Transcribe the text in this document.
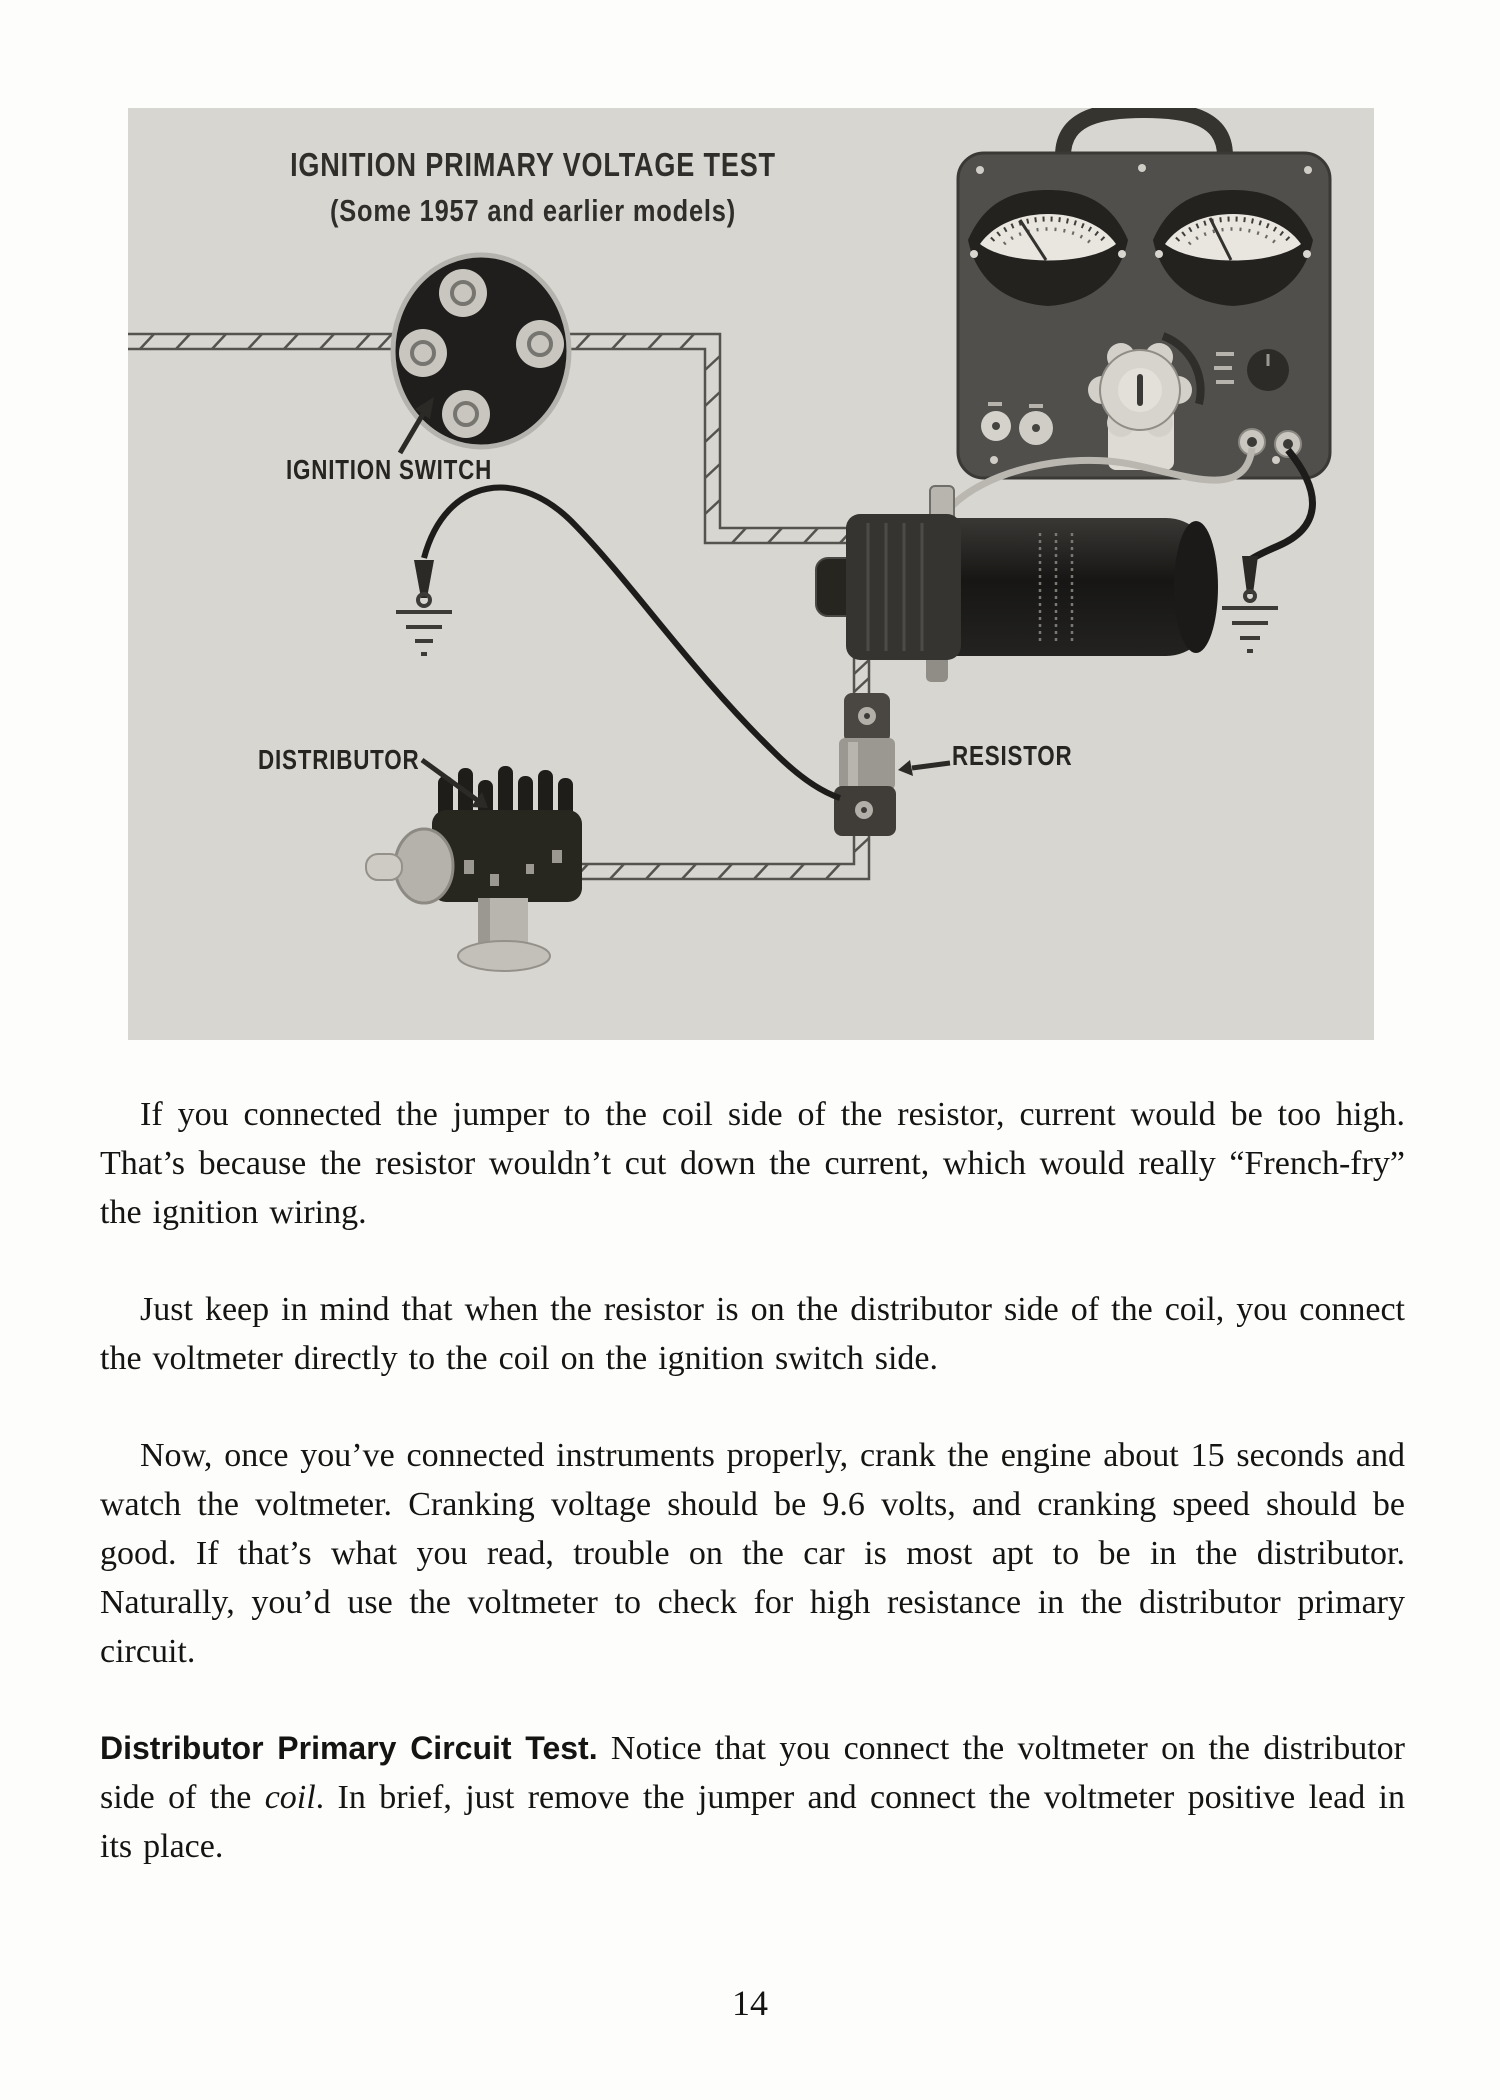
IGNITION PRIMARY VOLTAGE TEST
(Some 1957 and earlier models)
IGNITION SWITCH
DISTRIBUTOR	RESISTOR

If you connected the jumper to the coil side of the resistor, current would be too high. That’s because the resistor wouldn’t cut down the current, which would really “French-fry” the ignition wiring.

Just keep in mind that when the resistor is on the distributor side of the coil, you connect the voltmeter directly to the coil on the ignition switch side.

Now, once you’ve connected instruments properly, crank the engine about 15 seconds and watch the voltmeter. Cranking voltage should be 9.6 volts, and cranking speed should be good. If that’s what you read, trouble on the car is most apt to be in the distributor. Naturally, you’d use the voltmeter to check for high resistance in the distributor primary circuit.

Distributor Primary Circuit Test. Notice that you connect the voltmeter on the distributor side of the coil. In brief, just remove the jumper and connect the voltmeter positive lead in its place.

14
